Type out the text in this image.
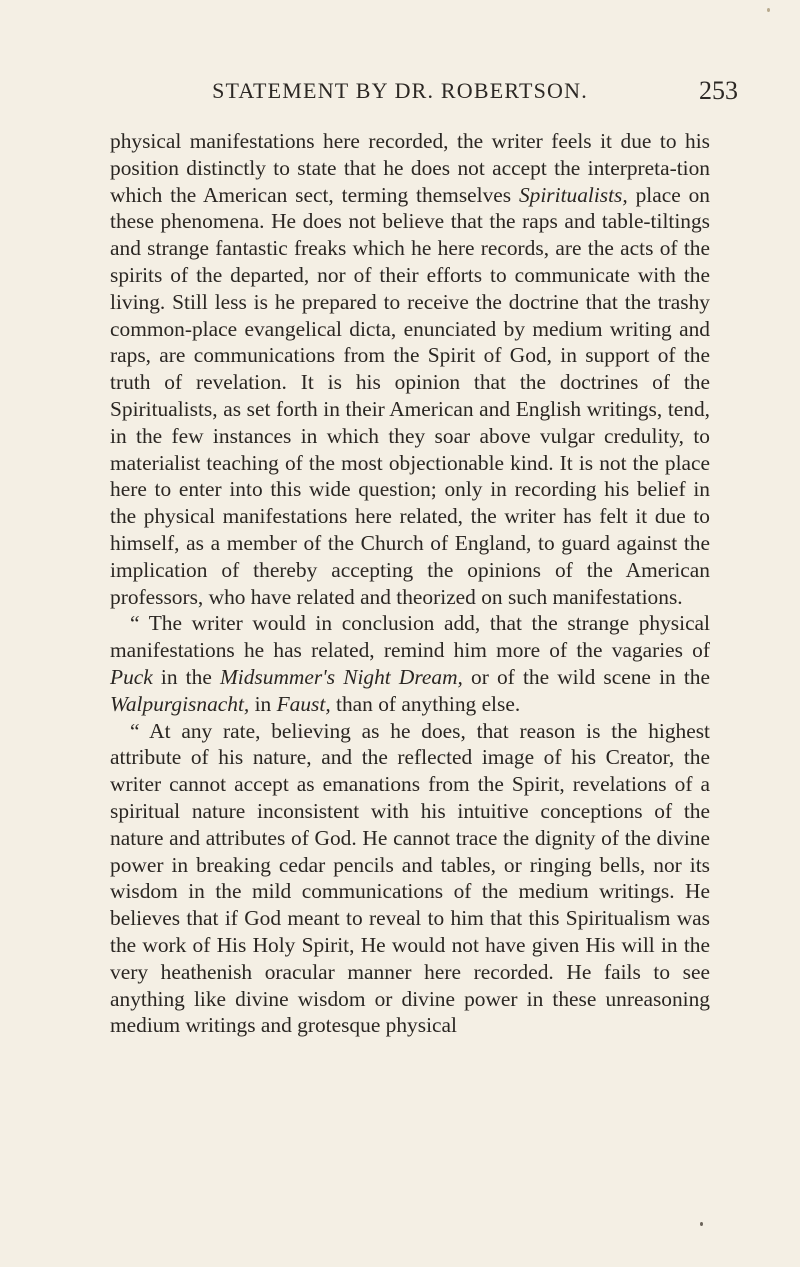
STATEMENT BY DR. ROBERTSON.	253

physical manifestations here recorded, the writer feels it due to his position distinctly to state that he does not accept the interpreta-tion which the American sect, terming themselves Spiritualists, place on these phenomena. He does not believe that the raps and table-tiltings and strange fantastic freaks which he here records, are the acts of the spirits of the departed, nor of their efforts to communicate with the living. Still less is he prepared to receive the doctrine that the trashy common-place evangelical dicta, enunciated by medium writing and raps, are communications from the Spirit of God, in support of the truth of revelation. It is his opinion that the doctrines of the Spiritualists, as set forth in their American and English writings, tend, in the few instances in which they soar above vulgar credulity, to materialist teaching of the most objectionable kind. It is not the place here to enter into this wide question; only in recording his belief in the physical manifestations here related, the writer has felt it due to himself, as a member of the Church of England, to guard against the implication of thereby accepting the opinions of the American professors, who have related and theorized on such manifestations.

“ The writer would in conclusion add, that the strange physical manifestations he has related, remind him more of the vagaries of Puck in the Midsummer's Night Dream, or of the wild scene in the Walpurgisnacht, in Faust, than of anything else.

“ At any rate, believing as he does, that reason is the highest attribute of his nature, and the reflected image of his Creator, the writer cannot accept as emanations from the Spirit, revelations of a spiritual nature inconsistent with his intuitive conceptions of the nature and attributes of God. He cannot trace the dignity of the divine power in breaking cedar pencils and tables, or ringing bells, nor its wisdom in the mild communications of the medium writings. He believes that if God meant to reveal to him that this Spiritualism was the work of His Holy Spirit, He would not have given His will in the very heathenish oracular manner here recorded. He fails to see anything like divine wisdom or divine power in these unreasoning medium writings and grotesque physical
